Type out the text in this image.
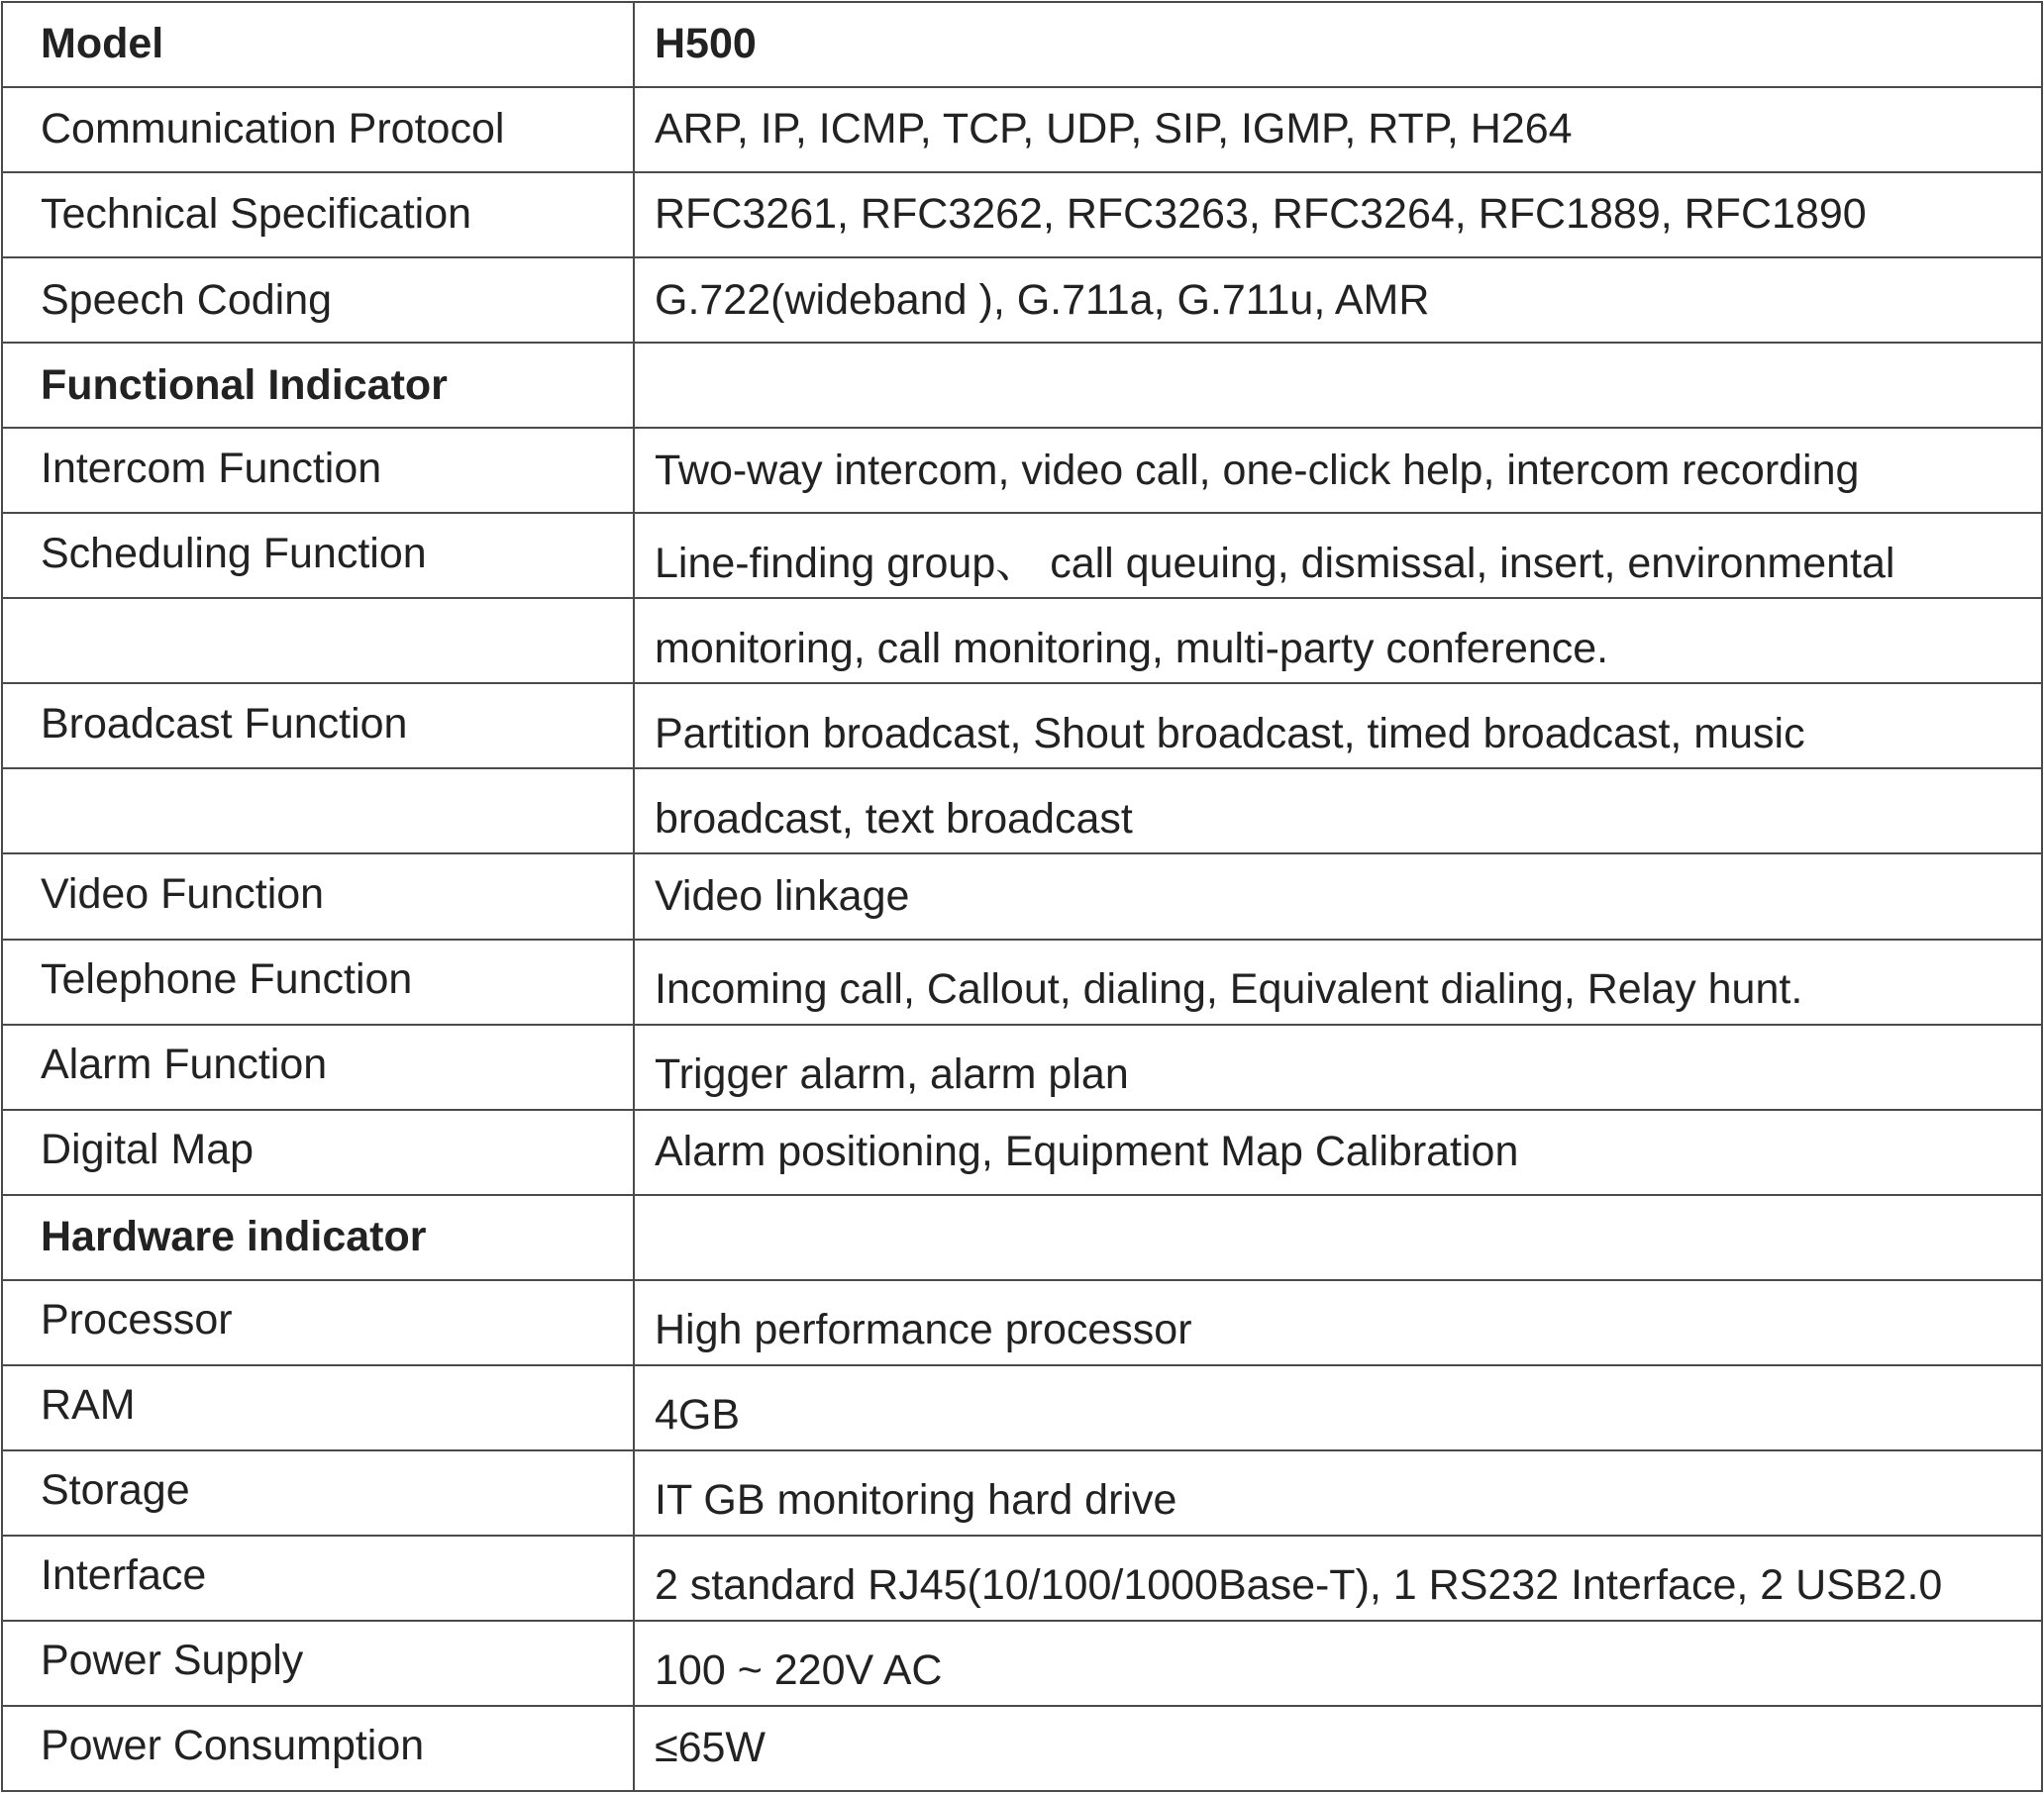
Model	H500
Communication Protocol	ARP, IP, ICMP, TCP, UDP, SIP, IGMP, RTP, H264
Technical Specification	RFC3261, RFC3262, RFC3263, RFC3264, RFC1889, RFC1890
Speech Coding	G.722(wideband ), G.711a, G.711u, AMR
Functional Indicator	
Intercom Function	Two-way intercom, video call, one-click help, intercom recording
Scheduling Function	Line-finding group、 call queuing, dismissal, insert, environmental
	monitoring, call monitoring, multi-party conference.
Broadcast Function	Partition broadcast, Shout broadcast, timed broadcast, music
	broadcast, text broadcast
Video Function	Video linkage
Telephone Function	Incoming call, Callout, dialing, Equivalent dialing, Relay hunt.
Alarm Function	Trigger alarm, alarm plan
Digital Map	Alarm positioning, Equipment Map Calibration
Hardware indicator	
Processor	High performance processor
RAM	4GB
Storage	IT GB monitoring hard drive
Interface	2 standard RJ45(10/100/1000Base-T), 1 RS232 Interface, 2 USB2.0
Power Supply	100 ~ 220V AC
Power Consumption	≤65W
